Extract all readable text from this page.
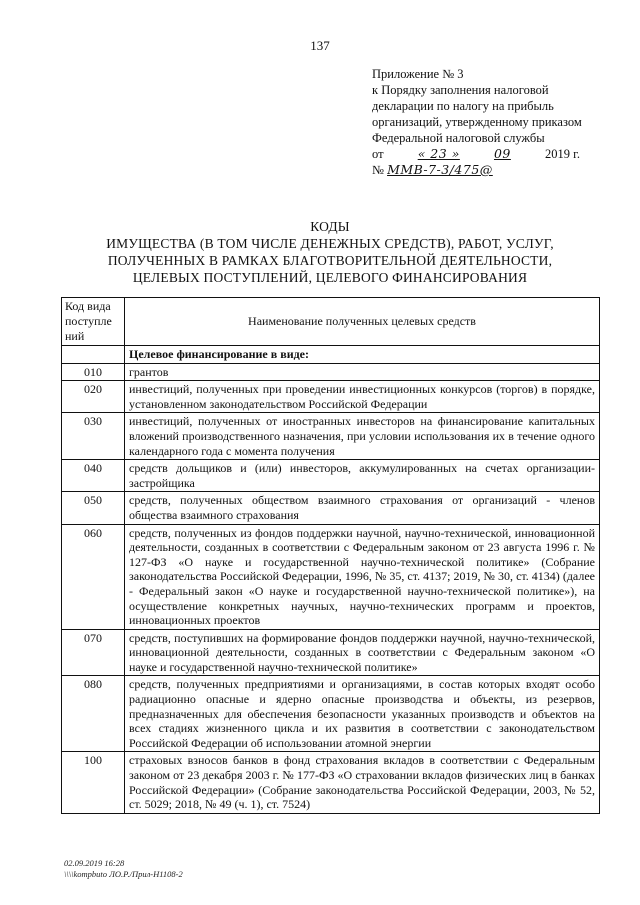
137
Приложение № 3
к Порядку заполнения налоговой
декларации по налогу на прибыль
организаций, утвержденному приказом
Федеральной налоговой службы
от	« 23 »	09	2019 г.
№ ММВ-7-3/475@
КОДЫ
ИМУЩЕСТВА (В ТОМ ЧИСЛЕ ДЕНЕЖНЫХ СРЕДСТВ), РАБОТ, УСЛУГ,
ПОЛУЧЕННЫХ В РАМКАХ БЛАГОТВОРИТЕЛЬНОЙ ДЕЯТЕЛЬНОСТИ,
ЦЕЛЕВЫХ ПОСТУПЛЕНИЙ, ЦЕЛЕВОГО ФИНАНСИРОВАНИЯ
Код вида поступле ний	Наименование полученных целевых средств
	Целевое финансирование в виде:
010	грантов
020	инвестиций, полученных при проведении инвестиционных конкурсов (торгов) в порядке, установленном законодательством Российской Федерации
030	инвестиций, полученных от иностранных инвесторов на финансирование капитальных вложений производственного назначения, при условии использования их в течение одного календарного года с момента получения
040	средств дольщиков и (или) инвесторов, аккумулированных на счетах организации-застройщика
050	средств, полученных обществом взаимного страхования от организаций - членов общества взаимного страхования
060	средств, полученных из фондов поддержки научной, научно-технической, инновационной деятельности, созданных в соответствии с Федеральным законом от 23 августа 1996 г. № 127-ФЗ «О науке и государственной научно-технической политике» (Собрание законодательства Российской Федерации, 1996, № 35, ст. 4137; 2019, № 30, ст. 4134) (далее - Федеральный закон «О науке и государственной научно-технической политике»), на осуществление конкретных научных, научно-технических программ и проектов, инновационных проектов
070	средств, поступивших на формирование фондов поддержки научной, научно-технической, инновационной деятельности, созданных в соответствии с Федеральным законом «О науке и государственной научно-технической политике»
080	средств, полученных предприятиями и организациями, в состав которых входят особо радиационно опасные и ядерно опасные производства и объекты, из резервов, предназначенных для обеспечения безопасности указанных производств и объектов на всех стадиях жизненного цикла и их развития в соответствии с законодательством Российской Федерации об использовании атомной энергии
100	страховых взносов банков в фонд страхования вкладов в соответствии с Федеральным законом от 23 декабря 2003 г. № 177-ФЗ «О страховании вкладов физических лиц в банках Российской Федерации» (Собрание законодательства Российской Федерации, 2003, № 52, ст. 5029; 2018, № 49 (ч. 1), ст. 7524)
02.09.2019 16:28
\\\\kompbuto ЛО.Р./Прил-Н1108-2
